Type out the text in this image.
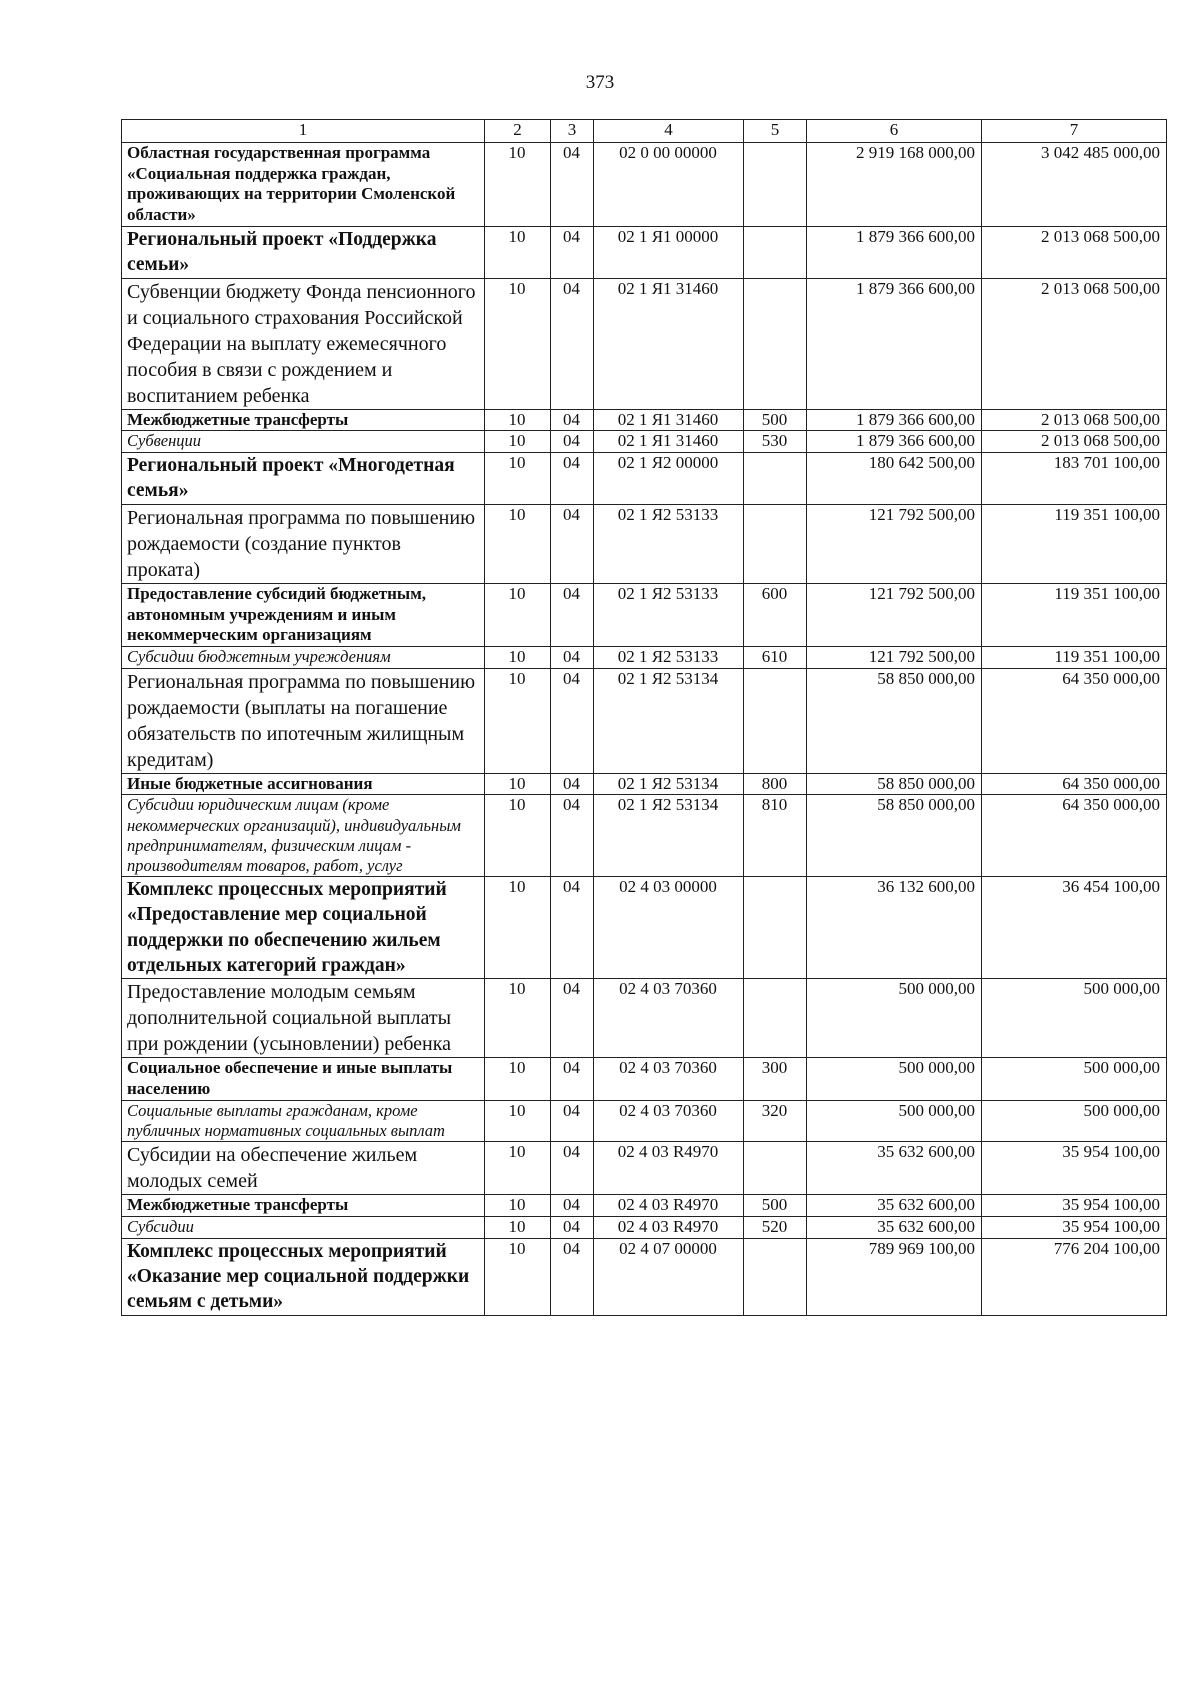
373
1	2	3	4	5	6	7
Областная государственная программа «Социальная поддержка граждан, проживающих на территории Смоленской области»	10	04	02 0 00 00000		2 919 168 000,00	3 042 485 000,00
Региональный проект «Поддержка семьи»	10	04	02 1 Я1 00000		1 879 366 600,00	2 013 068 500,00
Субвенции бюджету Фонда пенсионного и социального страхования Российской Федерации на выплату ежемесячного пособия в связи с рождением и воспитанием ребенка	10	04	02 1 Я1 31460		1 879 366 600,00	2 013 068 500,00
Межбюджетные трансферты	10	04	02 1 Я1 31460	500	1 879 366 600,00	2 013 068 500,00
Субвенции	10	04	02 1 Я1 31460	530	1 879 366 600,00	2 013 068 500,00
Региональный проект «Многодетная семья»	10	04	02 1 Я2 00000		180 642 500,00	183 701 100,00
Региональная программа по повышению рождаемости (создание пунктов проката)	10	04	02 1 Я2 53133		121 792 500,00	119 351 100,00
Предоставление субсидий бюджетным, автономным учреждениям и иным некоммерческим организациям	10	04	02 1 Я2 53133	600	121 792 500,00	119 351 100,00
Субсидии бюджетным учреждениям	10	04	02 1 Я2 53133	610	121 792 500,00	119 351 100,00
Региональная программа по повышению рождаемости (выплаты на погашение обязательств по ипотечным жилищным кредитам)	10	04	02 1 Я2 53134		58 850 000,00	64 350 000,00
Иные бюджетные ассигнования	10	04	02 1 Я2 53134	800	58 850 000,00	64 350 000,00
Субсидии юридическим лицам (кроме некоммерческих организаций), индивидуальным предпринимателям, физическим лицам - производителям товаров, работ, услуг	10	04	02 1 Я2 53134	810	58 850 000,00	64 350 000,00
Комплекс процессных мероприятий «Предоставление мер социальной поддержки по обеспечению жильем отдельных категорий граждан»	10	04	02 4 03 00000		36 132 600,00	36 454 100,00
Предоставление молодым семьям дополнительной социальной выплаты при рождении (усыновлении) ребенка	10	04	02 4 03 70360		500 000,00	500 000,00
Социальное обеспечение и иные выплаты населению	10	04	02 4 03 70360	300	500 000,00	500 000,00
Социальные выплаты гражданам, кроме публичных нормативных социальных выплат	10	04	02 4 03 70360	320	500 000,00	500 000,00
Субсидии на обеспечение жильем молодых семей	10	04	02 4 03 R4970		35 632 600,00	35 954 100,00
Межбюджетные трансферты	10	04	02 4 03 R4970	500	35 632 600,00	35 954 100,00
Субсидии	10	04	02 4 03 R4970	520	35 632 600,00	35 954 100,00
Комплекс процессных мероприятий «Оказание мер социальной поддержки семьям с детьми»	10	04	02 4 07 00000		789 969 100,00	776 204 100,00
